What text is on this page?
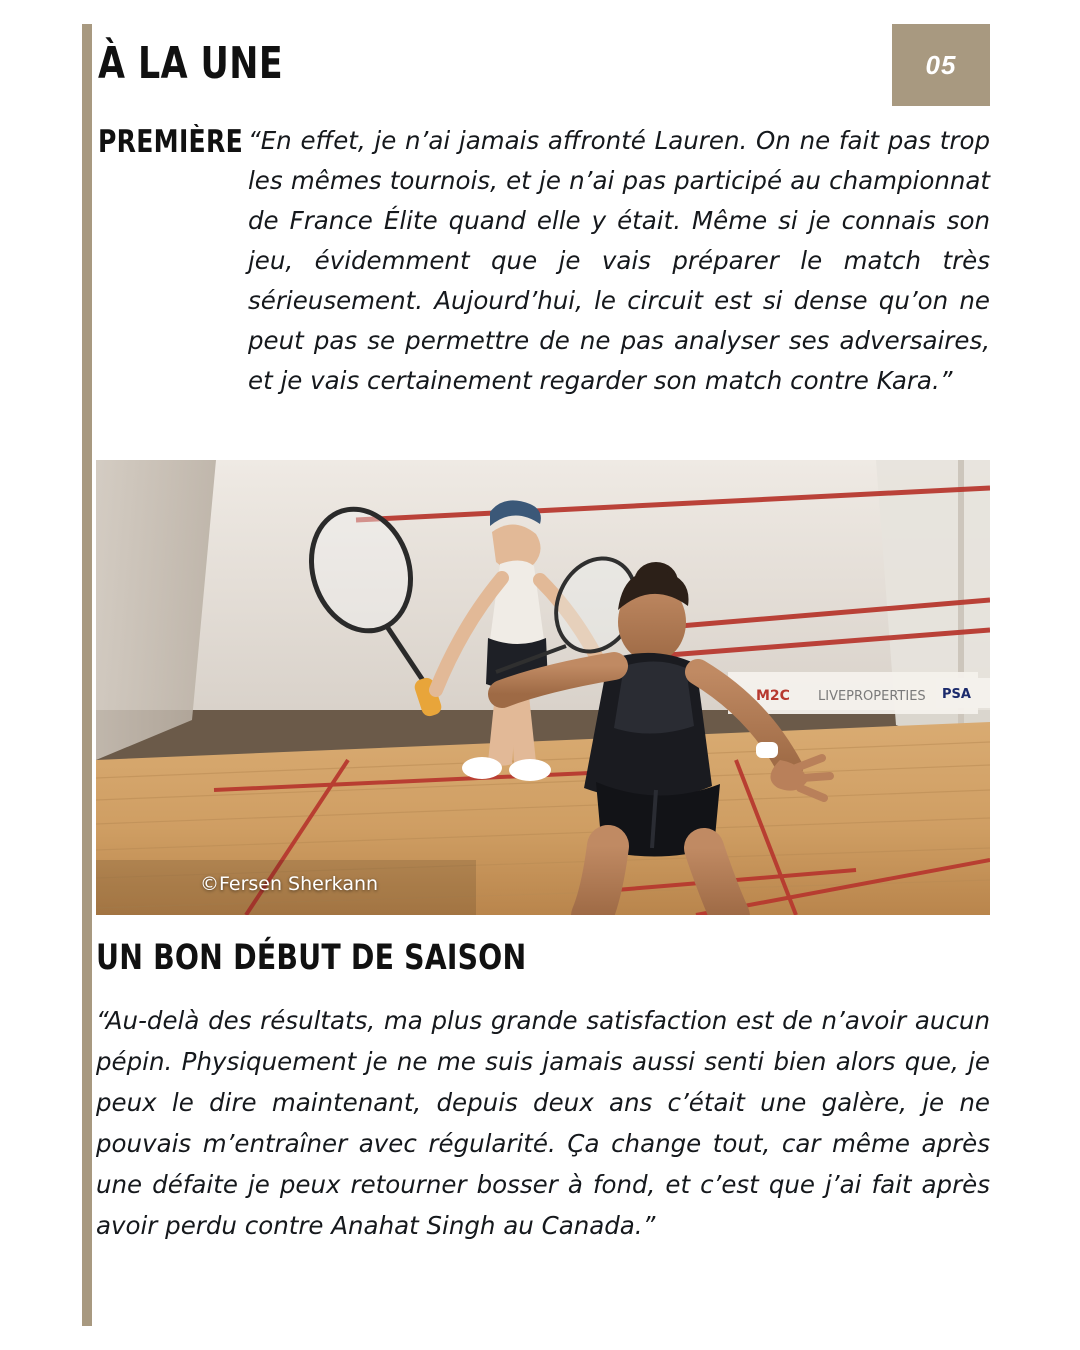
À LA UNE	05
PREMIÈRE “En effet, je n’ai jamais affronté Lauren. On ne fait pas trop les mêmes tournois, et je n’ai pas participé au championnat de France Élite quand elle y était. Même si je connais son jeu, évidemment que je vais préparer le match très sérieusement. Aujourd’hui, le circuit est si dense qu’on ne peut pas se permettre de ne pas analyser ses adversaires, et je vais certainement regarder son match contre Kara.”
M2C LIVEPROPERTIES PSA
©Fersen Sherkann
UN BON DÉBUT DE SAISON
“Au-delà des résultats, ma plus grande satisfaction est de n’avoir aucun pépin. Physiquement je ne me suis jamais aussi senti bien alors que, je peux le dire maintenant, depuis deux ans c’était une galère, je ne pouvais m’entraîner avec régularité. Ça change tout, car même après une défaite je peux retourner bosser à fond, et c’est que j’ai fait après avoir perdu contre Anahat Singh au Canada.”
